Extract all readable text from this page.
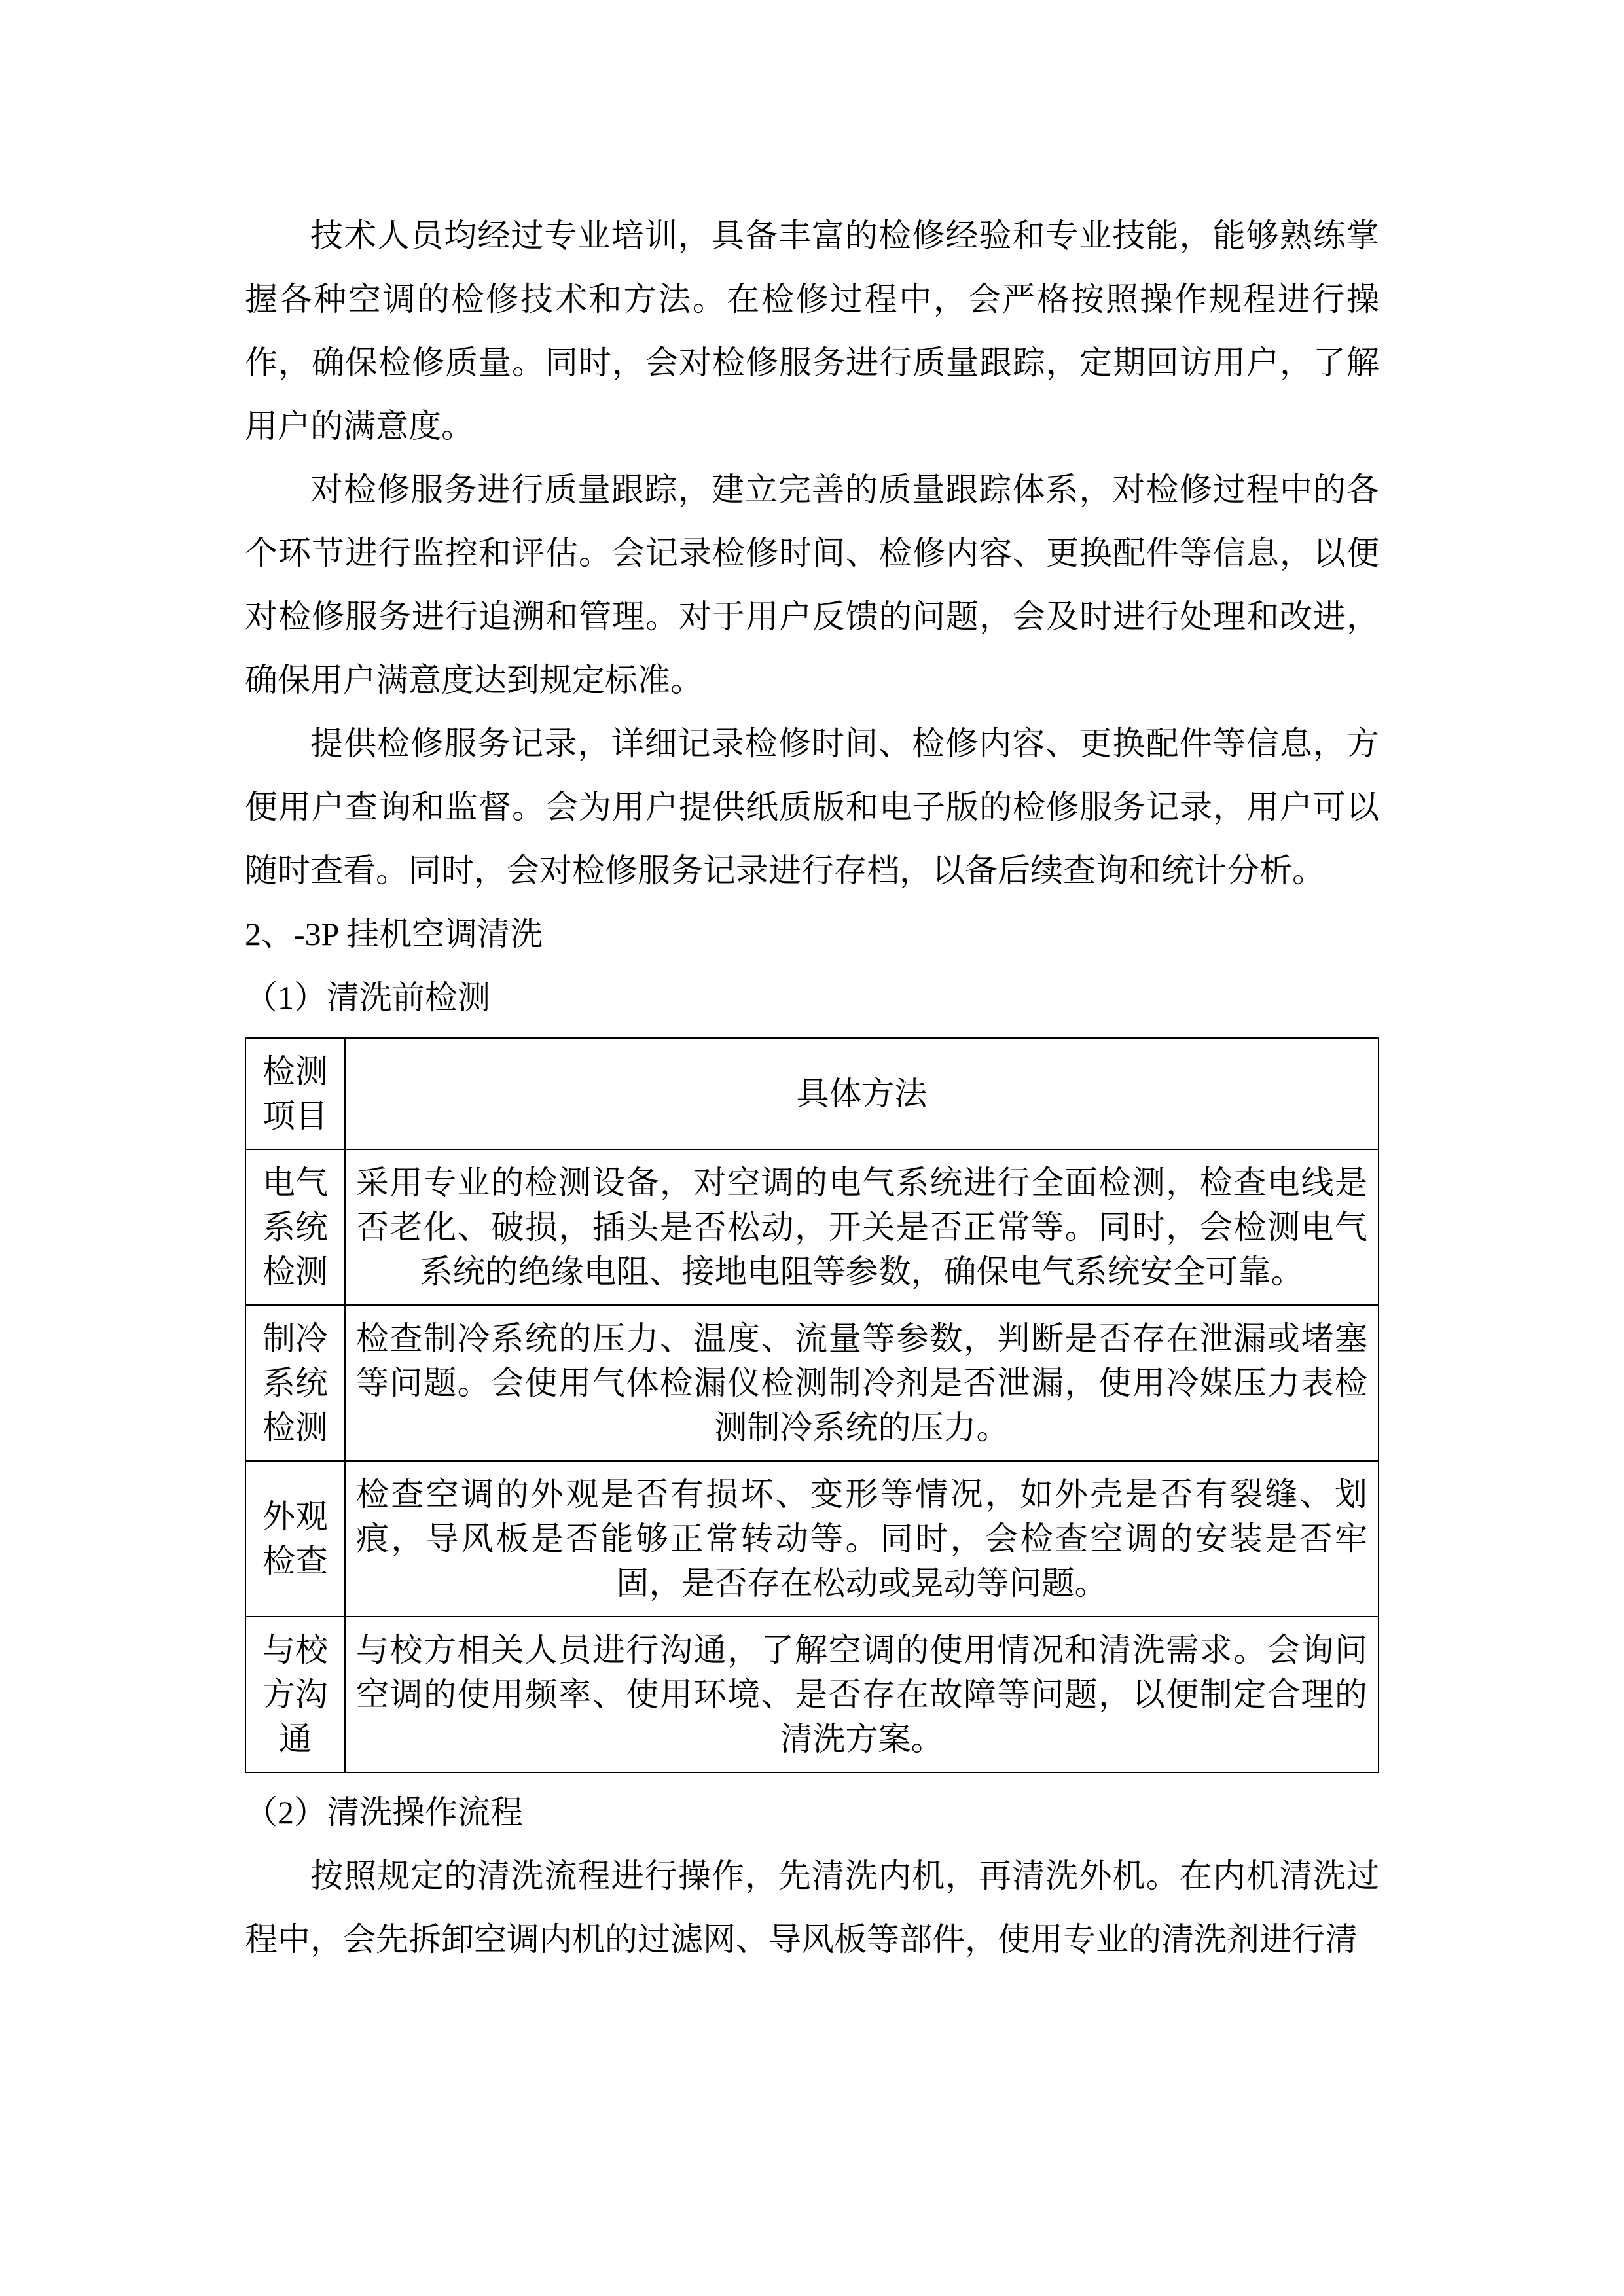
技术人员均经过专业培训，具备丰富的检修经验和专业技能，能够熟练掌握各种空调的检修技术和方法。在检修过程中，会严格按照操作规程进行操作，确保检修质量。同时，会对检修服务进行质量跟踪，定期回访用户，了解用户的满意度。

对检修服务进行质量跟踪，建立完善的质量跟踪体系，对检修过程中的各个环节进行监控和评估。会记录检修时间、检修内容、更换配件等信息，以便对检修服务进行追溯和管理。对于用户反馈的问题，会及时进行处理和改进，确保用户满意度达到规定标准。

提供检修服务记录，详细记录检修时间、检修内容、更换配件等信息，方便用户查询和监督。会为用户提供纸质版和电子版的检修服务记录，用户可以随时查看。同时，会对检修服务记录进行存档，以备后续查询和统计分析。

2、-3P 挂机空调清洗

（1）清洗前检测

检测项目	具体方法
电气系统检测	采用专业的检测设备，对空调的电气系统进行全面检测，检查电线是否老化、破损，插头是否松动，开关是否正常等。同时，会检测电气系统的绝缘电阻、接地电阻等参数，确保电气系统安全可靠。
制冷系统检测	检查制冷系统的压力、温度、流量等参数，判断是否存在泄漏或堵塞等问题。会使用气体检漏仪检测制冷剂是否泄漏，使用冷媒压力表检测制冷系统的压力。
外观检查	检查空调的外观是否有损坏、变形等情况，如外壳是否有裂缝、划痕，导风板是否能够正常转动等。同时，会检查空调的安装是否牢固，是否存在松动或晃动等问题。
与校方沟通	与校方相关人员进行沟通，了解空调的使用情况和清洗需求。会询问空调的使用频率、使用环境、是否存在故障等问题，以便制定合理的清洗方案。

（2）清洗操作流程

按照规定的清洗流程进行操作，先清洗内机，再清洗外机。在内机清洗过程中，会先拆卸空调内机的过滤网、导风板等部件，使用专业的清洗剂进行清
